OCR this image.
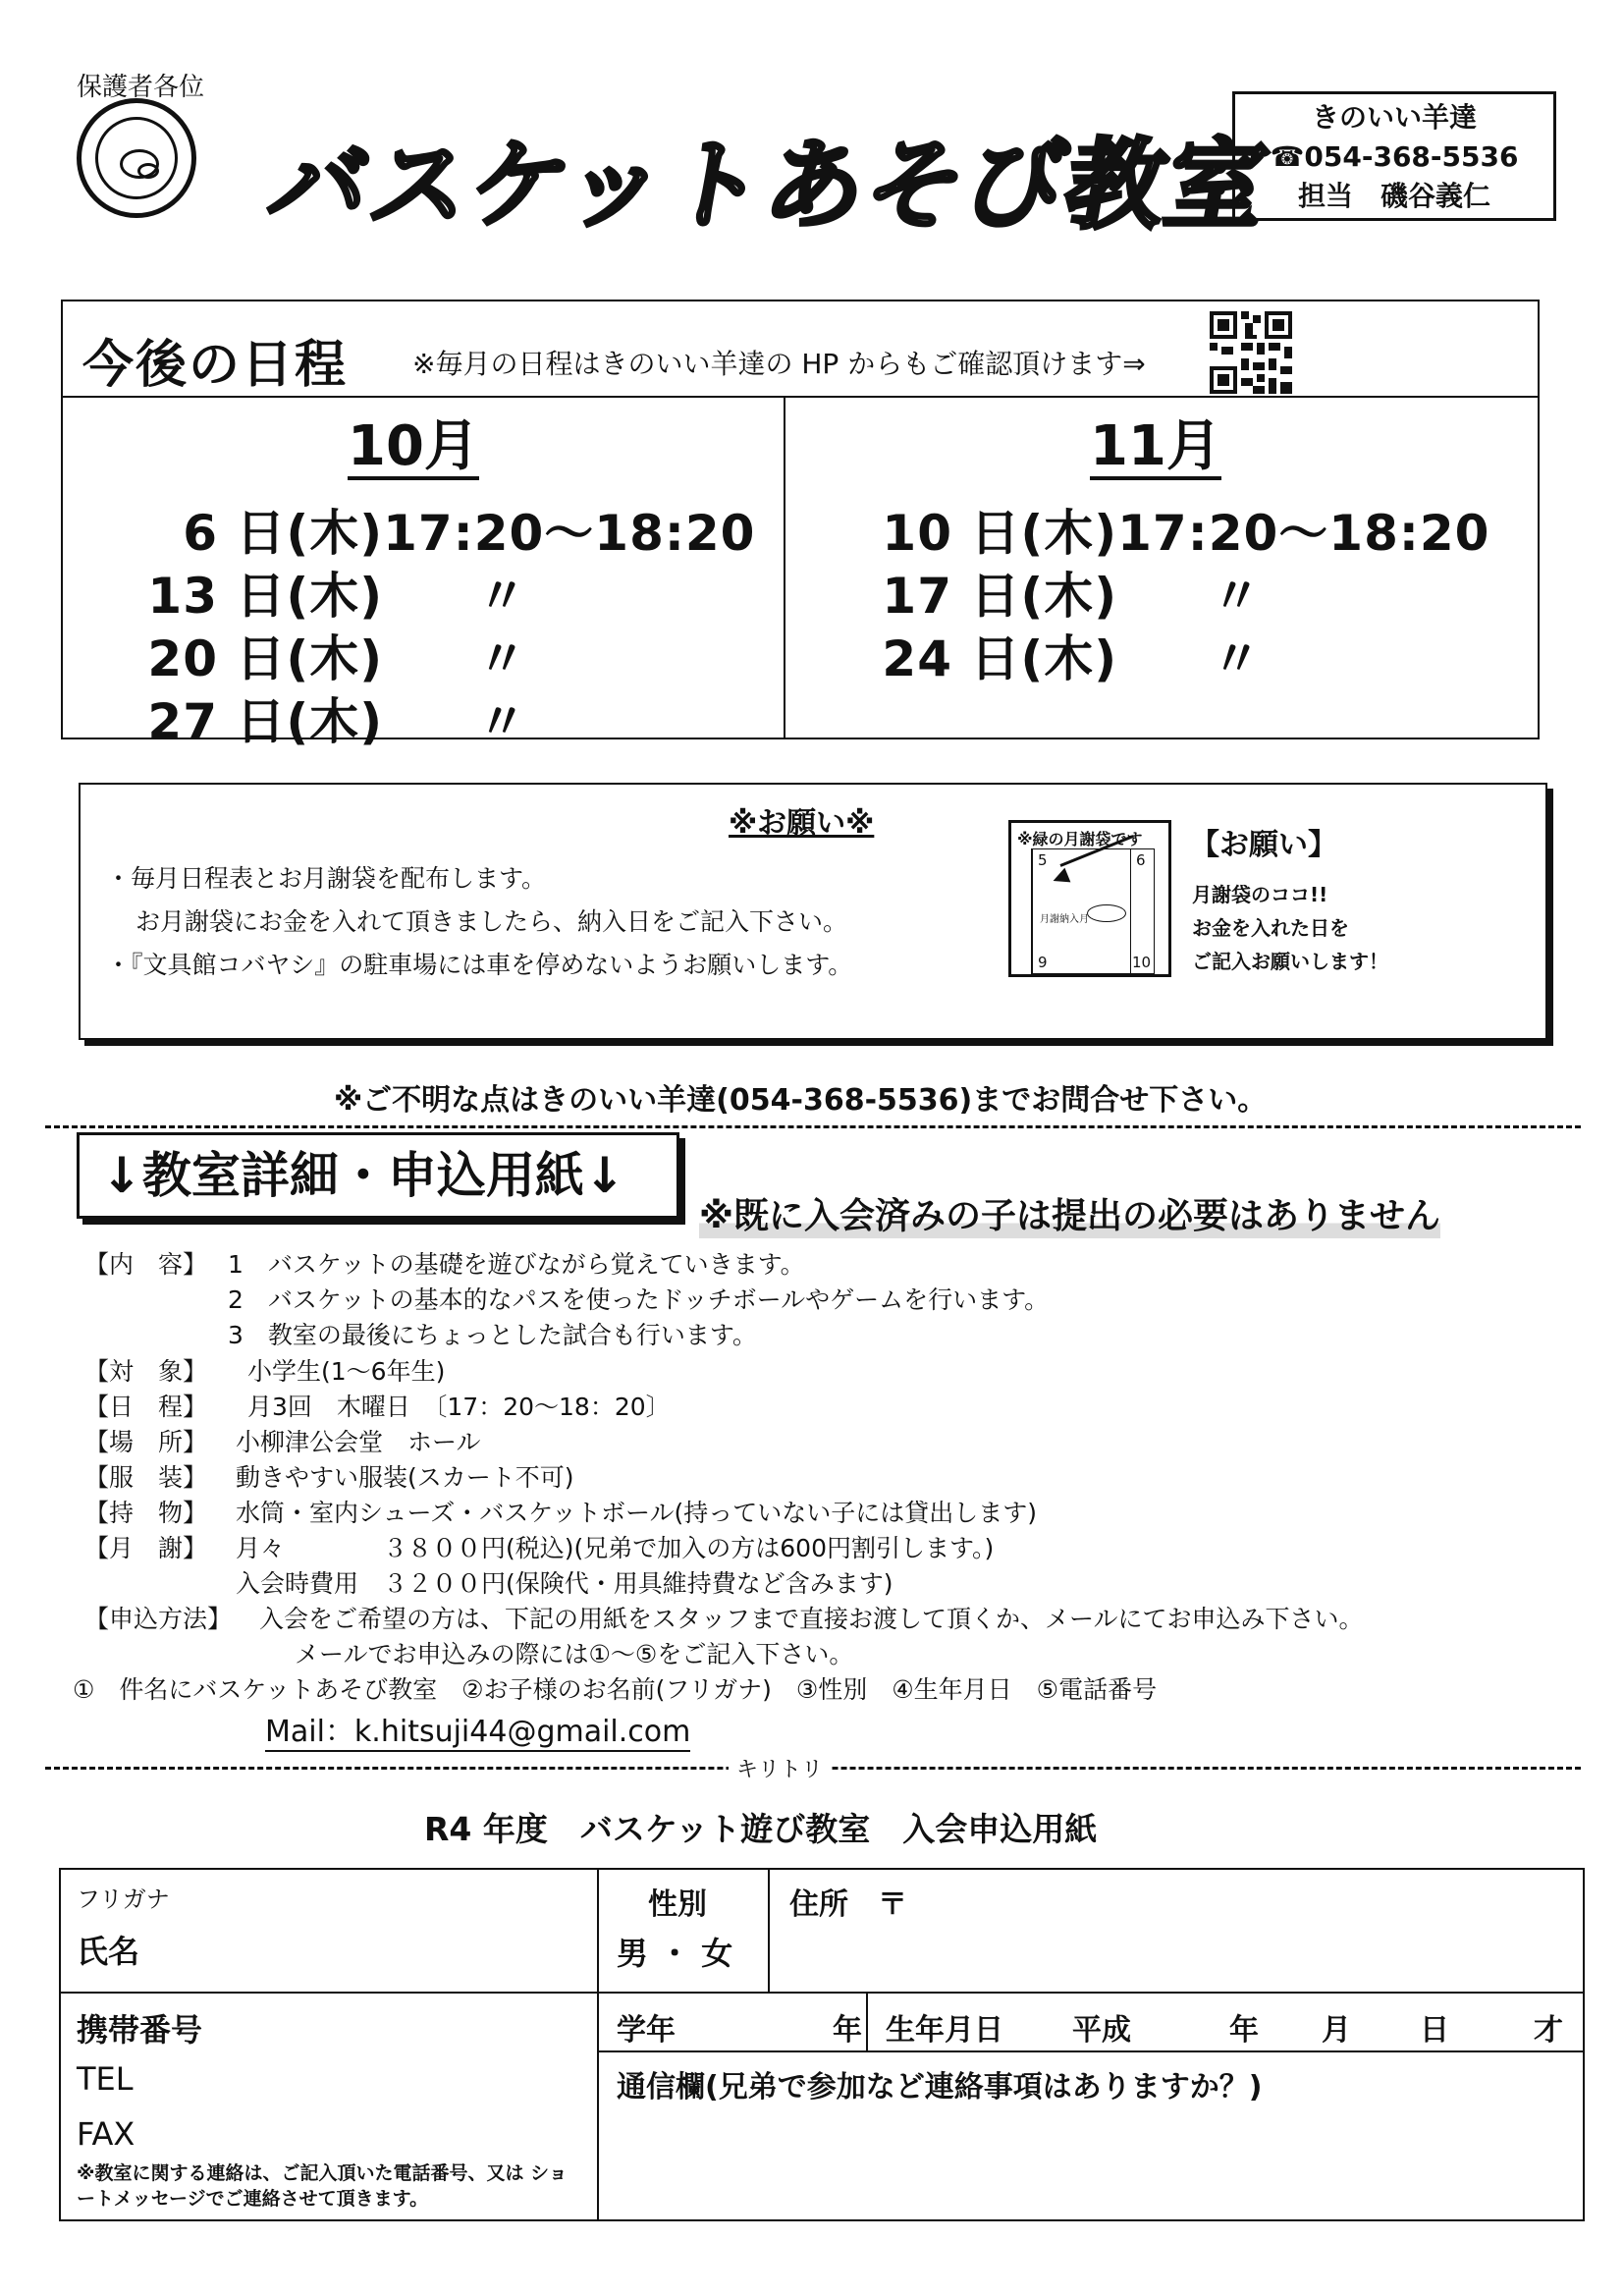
保護者各位
バスケットあそび教室
きのいい羊達
☎054-368-5536
担当　磯谷義仁
今後の日程 ※毎月の日程はきのいい羊達の HP からもご確認頂けます⇒
10月
6 日(木)17:20～18:20
13 日(木) 〃
20 日(木) 〃
27 日(木) 〃
11月
10 日(木)17:20～18:20
17 日(木) 〃
24 日(木) 〃
※お願い※
・毎月日程表とお月謝袋を配布します。
お月謝袋にお金を入れて頂きましたら、納入日をご記入下さい。
・『文具館コバヤシ』の駐車場には車を停めないようお願いします。
※緑の月謝袋です
5	6
月謝納入月
9	10
【お願い】
月謝袋のココ!!
お金を入れた日を
ご記入お願いします！
※ご不明な点はきのいい羊達(054-368-5536)までお問合せ下さい。
↓教室詳細・申込用紙↓
※既に入会済みの子は提出の必要はありません
【内　容】 1　バスケットの基礎を遊びながら覚えていきます。
2　バスケットの基本的なパスを使ったドッチボールやゲームを行います。
3　教室の最後にちょっとした試合も行います。
【対　象】 小学生(1～6年生)
【日　程】 月3回　木曜日　〔17：20～18：20〕
【場　所】 小柳津公会堂　ホール
【服　装】 動きやすい服装(スカート不可)
【持　物】 水筒・室内シューズ・バスケットボール(持っていない子には貸出します)
【月　謝】 月々　　　　３８００円(税込)(兄弟で加入の方は600円割引します。)
入会時費用　３２００円(保険代・用具維持費など含みます)
【申込方法】 入会をご希望の方は、下記の用紙をスタッフまで直接お渡して頂くか、メールにてお申込み下さい。
メールでお申込みの際には①～⑤をご記入下さい。
①　件名にバスケットあそび教室　②お子様のお名前(フリガナ)　③性別　④生年月日　⑤電話番号
Mail：k.hitsuji44@gmail.com
キリトリ
R4 年度　バスケット遊び教室　入会申込用紙
フリガナ
氏名
性別
男 ・ 女
住所　〒
携帯番号
TEL
FAX
※教室に関する連絡は、ご記入頂いた電話番号、又は ショートメッセージでご連絡させて頂きます。
学年	年 生年月日 平成	年 月 日	才
通信欄(兄弟で参加など連絡事項はありますか？)
